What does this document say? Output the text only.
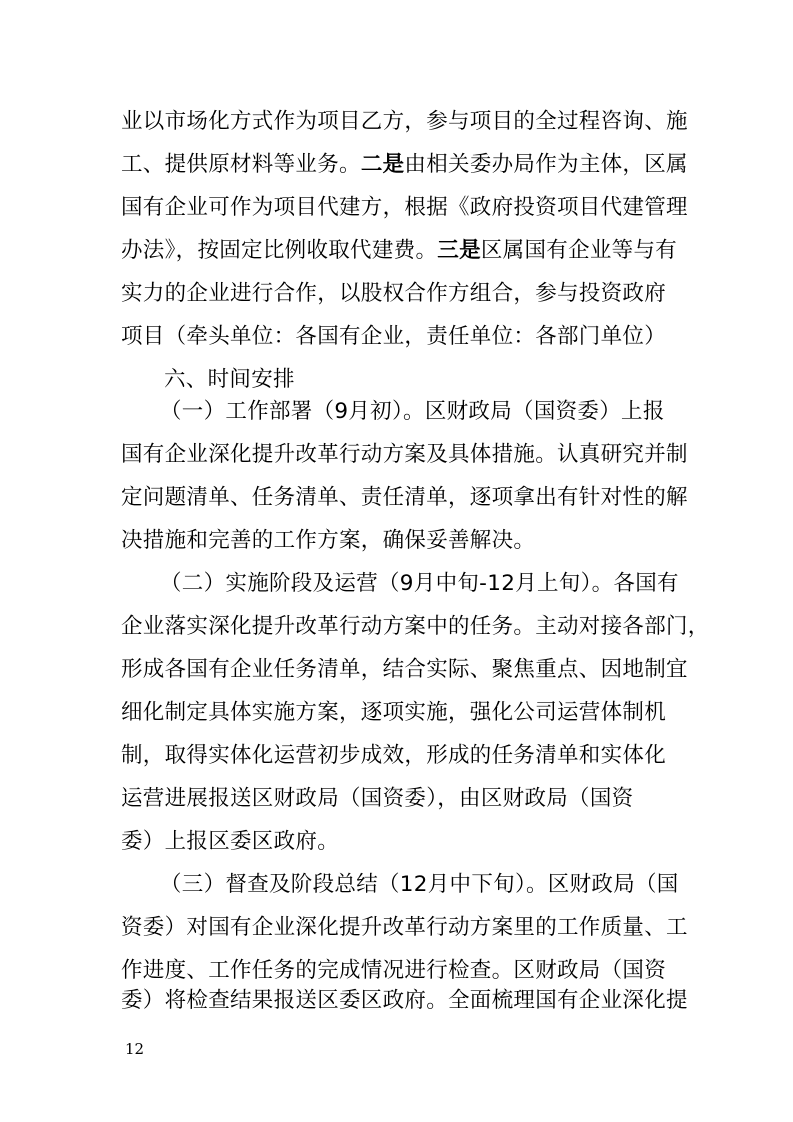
业以市场化方式作为项目乙方，参与项目的全过程咨询、施
工、提供原材料等业务。二是由相关委办局作为主体，区属
国有企业可作为项目代建方，根据《政府投资项目代建管理
办法》，按固定比例收取代建费。三是区属国有企业等与有
实力的企业进行合作，以股权合作方组合，参与投资政府
项目（牵头单位：各国有企业，责任单位：各部门单位）
六、时间安排
（一）工作部署（9月初）。区财政局（国资委）上报
国有企业深化提升改革行动方案及具体措施。认真研究并制
定问题清单、任务清单、责任清单，逐项拿出有针对性的解
决措施和完善的工作方案，确保妥善解决。
（二）实施阶段及运营（9月中旬-12月上旬）。各国有
企业落实深化提升改革行动方案中的任务。主动对接各部门，
形成各国有企业任务清单，结合实际、聚焦重点、因地制宜
细化制定具体实施方案，逐项实施，强化公司运营体制机
制，取得实体化运营初步成效，形成的任务清单和实体化
运营进展报送区财政局（国资委），由区财政局（国资
委）上报区委区政府。
（三）督查及阶段总结（12月中下旬）。区财政局（国
资委）对国有企业深化提升改革行动方案里的工作质量、工
作进度、工作任务的完成情况进行检查。区财政局（国资
委）将检查结果报送区委区政府。全面梳理国有企业深化提
12
